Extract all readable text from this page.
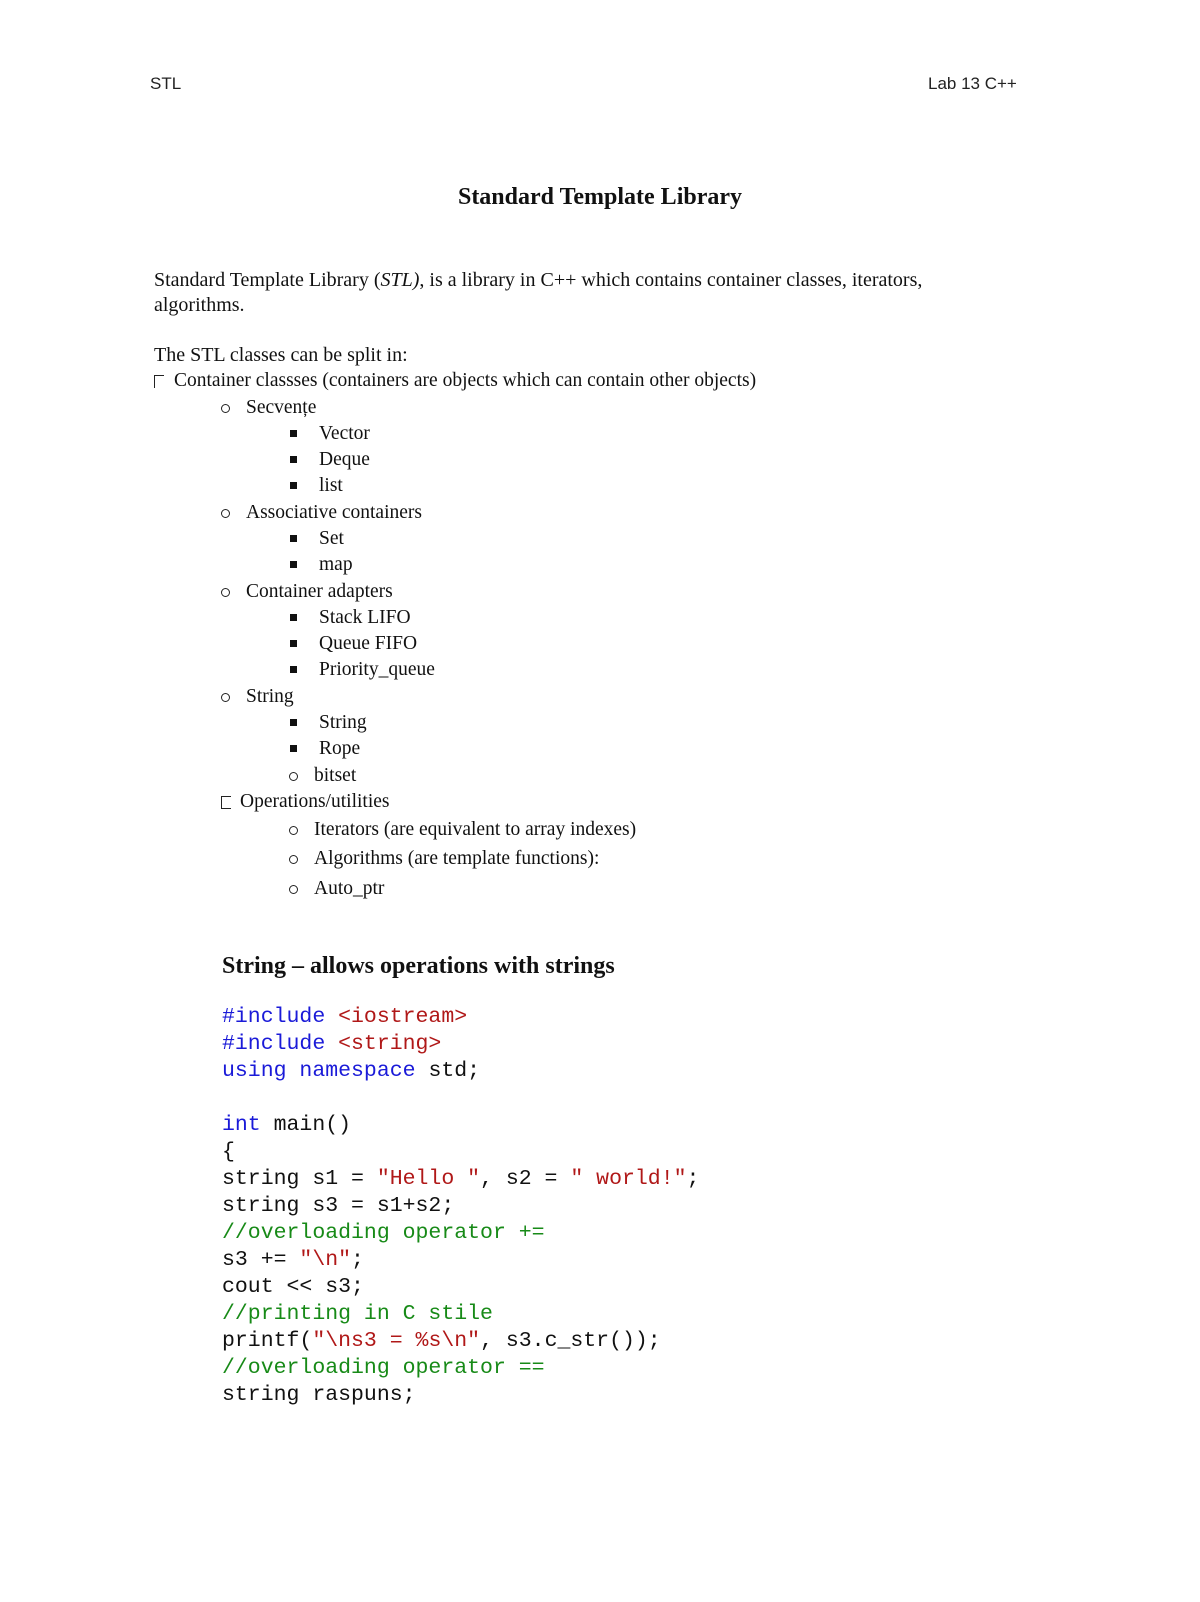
STL	Lab 13 C++
Standard Template Library
Standard Template Library (STL), is a library in C++ which contains container classes, iterators,
algorithms.
The STL classes can be split in:
Container classses (containers are objects which can contain other objects)
Secvențe
Vector
Deque
list
Associative containers
Set
map
Container adapters
Stack LIFO
Queue FIFO
Priority_queue
String
String
Rope
bitset
Operations/utilities
Iterators (are equivalent to array indexes)
Algorithms (are template functions):
Auto_ptr
String – allows operations with strings
#include <iostream>
#include <string>
using namespace std;
int main()
{
string s1 = "Hello ", s2 = " world!";
string s3 = s1+s2;
//overloading operator +=
s3 += "\n";
cout << s3;
//printing in C stile
printf("\ns3 = %s\n", s3.c_str());
//overloading operator ==
string raspuns;
